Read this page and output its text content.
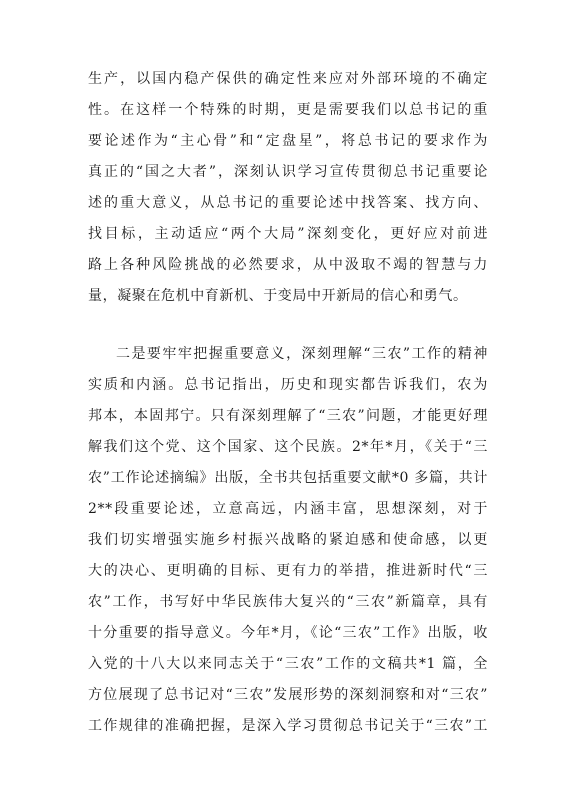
生产，以国内稳产保供的确定性来应对外部环境的不确定
性。在这样一个特殊的时期，更是需要我们以总书记的重
要论述作为“主心骨”和“定盘星”，将总书记的要求作为
真正的“国之大者”，深刻认识学习宣传贯彻总书记重要论
述的重大意义，从总书记的重要论述中找答案、找方向、
找目标，主动适应“两个大局”深刻变化，更好应对前进
路上各种风险挑战的必然要求，从中汲取不竭的智慧与力
量，凝聚在危机中育新机、于变局中开新局的信心和勇气。
二是要牢牢把握重要意义，深刻理解“三农”工作的精神
实质和内涵。总书记指出，历史和现实都告诉我们，农为
邦本，本固邦宁。只有深刻理解了“三农”问题，才能更好理
解我们这个党、这个国家、这个民族。2*年*月，《关于“三
农”工作论述摘编》出版，全书共包括重要文献*0 多篇，共计
2**段重要论述，立意高远，内涵丰富，思想深刻，对于
我们切实增强实施乡村振兴战略的紧迫感和使命感，以更
大的决心、更明确的目标、更有力的举措，推进新时代“三
农”工作，书写好中华民族伟大复兴的“三农”新篇章，具有
十分重要的指导意义。今年*月，《论“三农”工作》出版，收
入党的十八大以来同志关于“三农”工作的文稿共*1 篇，全
方位展现了总书记对“三农”发展形势的深刻洞察和对“三农”
工作规律的准确把握，是深入学习贯彻总书记关于“三农”工
